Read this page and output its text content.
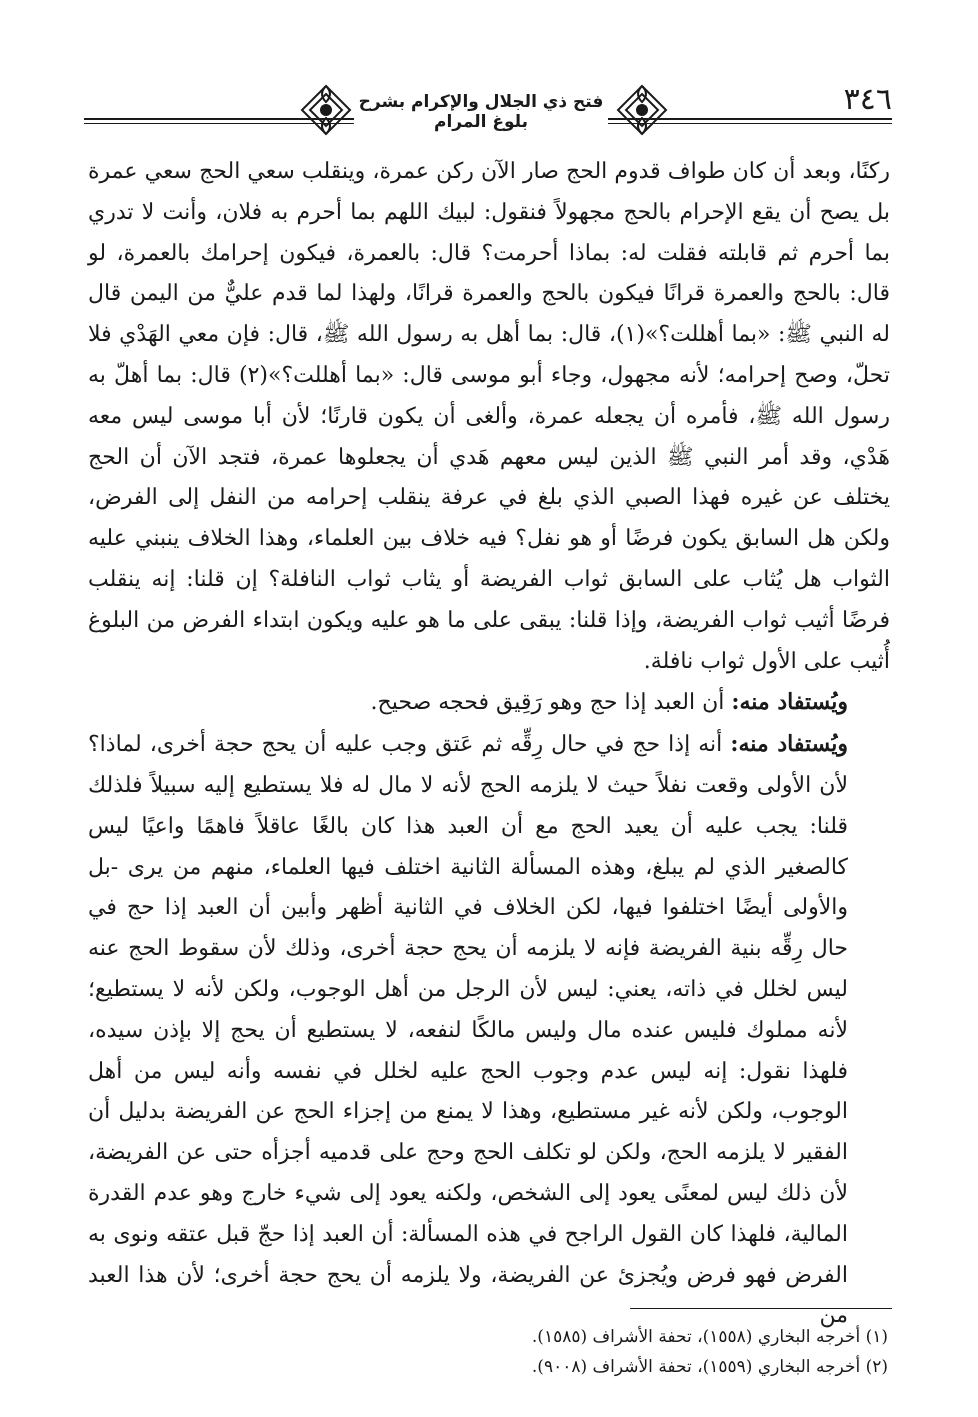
فتح ذي الجلال والإكرام بشرح بلوغ المرام
٣٤٦

ركنًا، وبعد أن كان طواف قدوم الحج صار الآن ركن عمرة، وينقلب سعي الحج سعي عمرة بل يصح أن يقع الإحرام بالحج مجهولاً فنقول: لبيك اللهم بما أحرم به فلان، وأنت لا تدري بما أحرم ثم قابلته فقلت له: بماذا أحرمت؟ قال: بالعمرة، فيكون إحرامك بالعمرة، لو قال: بالحج والعمرة قرانًا فيكون بالحج والعمرة قرانًا، ولهذا لما قدم عليٌّ من اليمن قال له النبي ﷺ: «بما أهللت؟»(١)، قال: بما أهل به رسول الله ﷺ، قال: فإن معي الهَدْي فلا تحلّ، وصح إحرامه؛ لأنه مجهول، وجاء أبو موسى قال: «بما أهللت؟»(٢) قال: بما أهلّ به رسول الله ﷺ، فأمره أن يجعله عمرة، وألغى أن يكون قارنًا؛ لأن أبا موسى ليس معه هَدْي، وقد أمر النبي ﷺ الذين ليس معهم هَدي أن يجعلوها عمرة، فتجد الآن أن الحج يختلف عن غيره فهذا الصبي الذي بلغ في عرفة ينقلب إحرامه من النفل إلى الفرض، ولكن هل السابق يكون فرضًا أو هو نفل؟ فيه خلاف بين العلماء، وهذا الخلاف ينبني عليه الثواب هل يُثاب على السابق ثواب الفريضة أو يثاب ثواب النافلة؟ إن قلنا: إنه ينقلب فرضًا أثيب ثواب الفريضة، وإذا قلنا: يبقى على ما هو عليه ويكون ابتداء الفرض من البلوغ أُثيب على الأول ثواب نافلة.

ويُستفاد منه: أن العبد إذا حج وهو رَقِيق فحجه صحيح.

ويُستفاد منه: أنه إذا حج في حال رِقِّه ثم عَتق وجب عليه أن يحج حجة أخرى، لماذا؟ لأن الأولى وقعت نفلاً حيث لا يلزمه الحج لأنه لا مال له فلا يستطيع إليه سبيلاً فلذلك قلنا: يجب عليه أن يعيد الحج مع أن العبد هذا كان بالغًا عاقلاً فاهمًا واعيًا ليس كالصغير الذي لم يبلغ، وهذه المسألة الثانية اختلف فيها العلماء، منهم من يرى -بل والأولى أيضًا اختلفوا فيها، لكن الخلاف في الثانية أظهر وأبين أن العبد إذا حج في حال رِقِّه بنية الفريضة فإنه لا يلزمه أن يحج حجة أخرى، وذلك لأن سقوط الحج عنه ليس لخلل في ذاته، يعني: ليس لأن الرجل من أهل الوجوب، ولكن لأنه لا يستطيع؛ لأنه مملوك فليس عنده مال وليس مالكًا لنفعه، لا يستطيع أن يحج إلا بإذن سيده، فلهذا نقول: إنه ليس عدم وجوب الحج عليه لخلل في نفسه وأنه ليس من أهل الوجوب، ولكن لأنه غير مستطيع، وهذا لا يمنع من إجزاء الحج عن الفريضة بدليل أن الفقير لا يلزمه الحج، ولكن لو تكلف الحج وحج على قدميه أجزأه حتى عن الفريضة، لأن ذلك ليس لمعنًى يعود إلى الشخص، ولكنه يعود إلى شيء خارج وهو عدم القدرة المالية، فلهذا كان القول الراجح في هذه المسألة: أن العبد إذا حجّ قبل عتقه ونوى به الفرض فهو فرض ويُجزئ عن الفريضة، ولا يلزمه أن يحج حجة أخرى؛ لأن هذا العبد من

(١) أخرجه البخاري (١٥٥٨)، تحفة الأشراف (١٥٨٥).

(٢) أخرجه البخاري (١٥٥٩)، تحفة الأشراف (٩٠٠٨).
